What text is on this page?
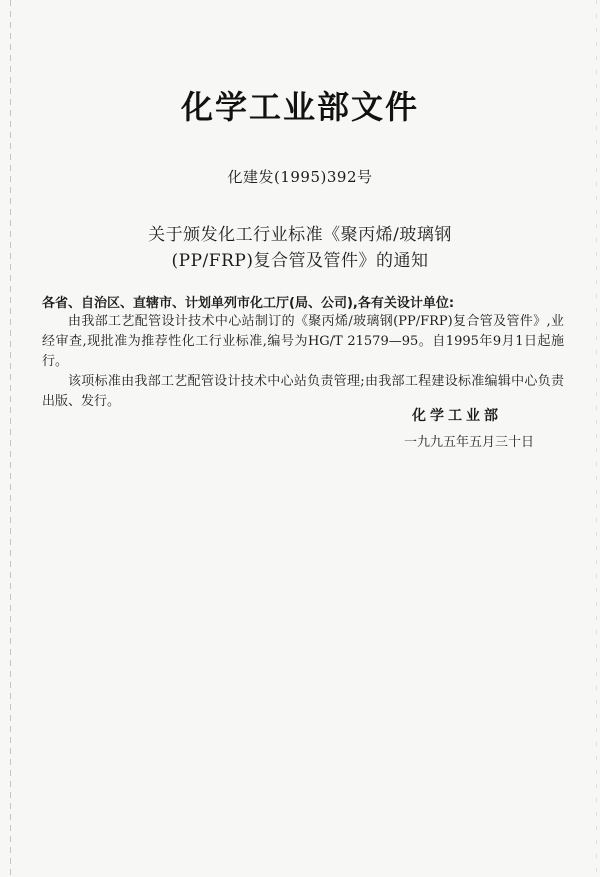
化学工业部文件
化建发(1995)392号
关于颁发化工行业标准《聚丙烯/玻璃钢
(PP/FRP)复合管及管件》的通知
各省、自治区、直辖市、计划单列市化工厅(局、公司),各有关设计单位:

由我部工艺配管设计技术中心站制订的《聚丙烯/玻璃钢(PP/FRP)复合管及管件》,业经审查,现批准为推荐性化工行业标准,编号为HG/T 21579—95。自1995年9月1日起施行。

该项标准由我部工艺配管设计技术中心站负责管理;由我部工程建设标准编辑中心负责出版、发行。

化学工业部
一九九五年五月三十日
